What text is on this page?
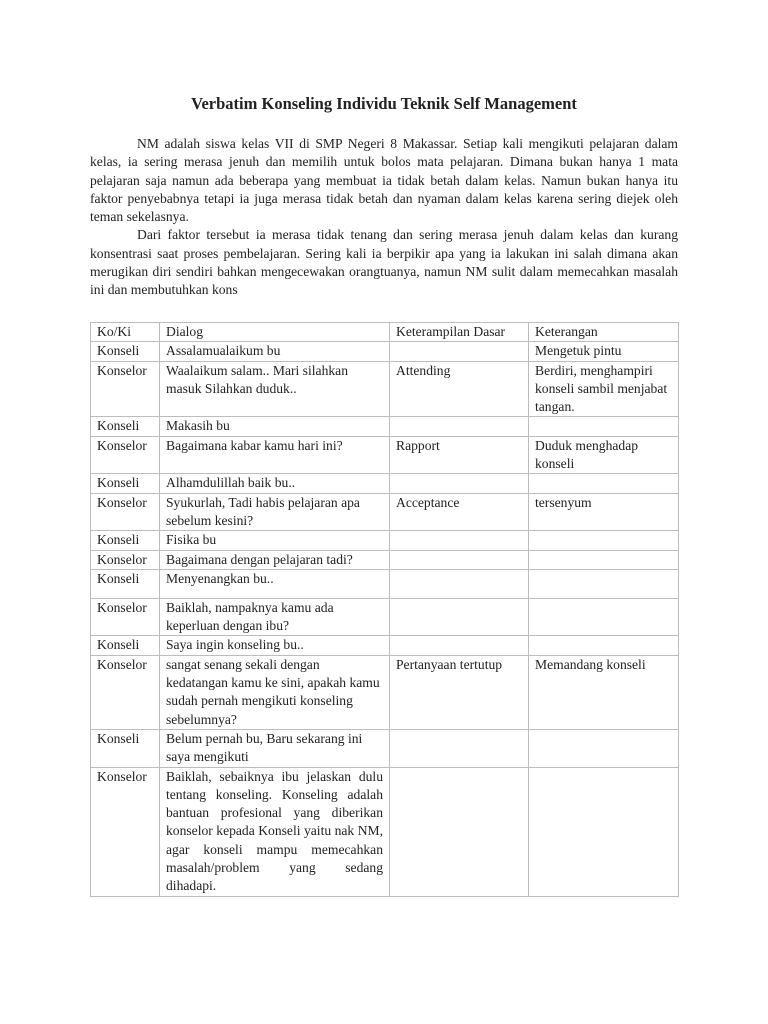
Verbatim Konseling Individu Teknik Self Management

NM adalah siswa kelas VII di SMP Negeri 8 Makassar. Setiap kali mengikuti pelajaran dalam kelas, ia sering merasa jenuh dan memilih untuk bolos mata pelajaran. Dimana bukan hanya 1 mata pelajaran saja namun ada beberapa yang membuat ia tidak betah dalam kelas. Namun bukan hanya itu faktor penyebabnya tetapi ia juga merasa tidak betah dan nyaman dalam kelas karena sering diejek oleh teman sekelasnya.

Dari faktor tersebut ia merasa tidak tenang dan sering merasa jenuh dalam kelas dan kurang konsentrasi saat proses pembelajaran. Sering kali ia berpikir apa yang ia lakukan ini salah dimana akan merugikan diri sendiri bahkan mengecewakan orangtuanya, namun NM sulit dalam memecahkan masalah ini dan membutuhkan kons

Ko/Ki	Dialog	Keterampilan Dasar	Keterangan
Konseli	Assalamualaikum bu		Mengetuk pintu
Konselor	Waalaikum salam.. Mari silahkan masuk Silahkan duduk..	Attending	Berdiri, menghampiri konseli sambil menjabat tangan.
Konseli	Makasih bu		
Konselor	Bagaimana kabar kamu hari ini?	Rapport	Duduk menghadap konseli
Konseli	Alhamdulillah baik bu..		
Konselor	Syukurlah, Tadi habis pelajaran apa sebelum kesini?	Acceptance	tersenyum
Konseli	Fisika bu		
Konselor	Bagaimana dengan pelajaran tadi?		
Konseli	Menyenangkan bu..		
Konselor	Baiklah, nampaknya kamu ada keperluan dengan ibu?		
Konseli	Saya ingin konseling bu..		
Konselor	sangat senang sekali dengan kedatangan kamu ke sini, apakah kamu sudah pernah mengikuti konseling sebelumnya?	Pertanyaan tertutup	Memandang konseli
Konseli	Belum pernah bu, Baru sekarang ini saya mengikuti		
Konselor	Baiklah, sebaiknya ibu jelaskan dulu tentang konseling. Konseling adalah bantuan profesional yang diberikan konselor kepada Konseli yaitu nak NM, agar konseli mampu memecahkan masalah/problem yang sedang dihadapi.		
